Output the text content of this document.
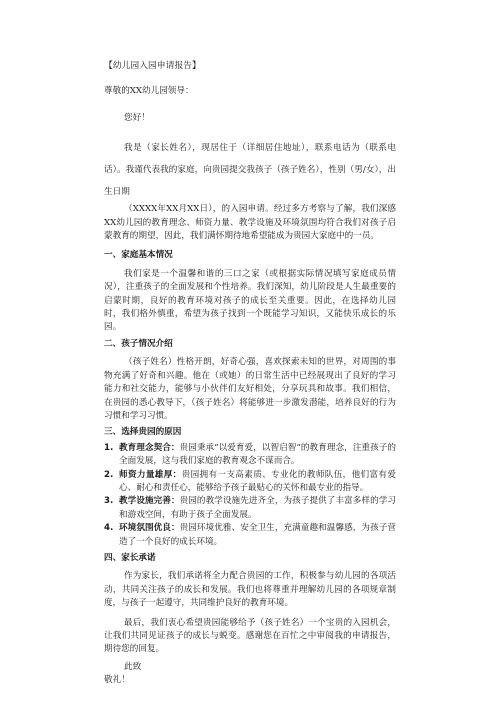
【幼儿园入园申请报告】

尊敬的XX幼儿园领导：

您好！

我是（家长姓名），现居住于（详细居住地址），联系电话为（联系电话）。我谨代表我的家庭，向贵园提交我孩子（孩子姓名），性别（男/女），出生日期

（XXXX年XX月XX日），的入园申请。经过多方考察与了解，我们深感XX幼儿园的教育理念、师资力量、教学设施及环境氛围均符合我们对孩子启蒙教育的期望，因此，我们满怀期待地希望能成为贵园大家庭中的一员。

一、家庭基本情况

我们家是一个温馨和谐的三口之家（或根据实际情况填写家庭成员情况），注重孩子的全面发展和个性培养。我们深知，幼儿阶段是人生最重要的启蒙时期，良好的教育环境对孩子的成长至关重要。因此，在选择幼儿园时，我们格外慎重，希望为孩子找到一个既能学习知识，又能快乐成长的乐园。

二、孩子情况介绍

（孩子姓名）性格开朗，好奇心强，喜欢探索未知的世界，对周围的事物充满了好奇和兴趣。他在（或她）的日常生活中已经展现出了良好的学习能力和社交能力，能够与小伙伴们友好相处，分享玩具和故事。我们相信，在贵园的悉心教导下，（孩子姓名）将能够进一步激发潜能，培养良好的行为习惯和学习习惯。

三、选择贵园的原因
1. 教育理念契合：贵园秉承“以爱育爱，以智启智”的教育理念，注重孩子的全面发展，这与我们家庭的教育观念不谋而合。
2. 师资力量雄厚：贵园拥有一支高素质、专业化的教师队伍，他们富有爱心、耐心和责任心，能够给予孩子最贴心的关怀和最专业的指导。
3. 教学设施完善：贵园的教学设施先进齐全，为孩子提供了丰富多样的学习和游戏空间，有助于孩子全面发展。
4. 环境氛围优良：贵园环境优雅、安全卫生，充满童趣和温馨感，为孩子营造了一个良好的成长环境。
四、家长承诺

作为家长，我们承诺将全力配合贵园的工作，积极参与幼儿园的各项活动，共同关注孩子的成长和发展。我们也将尊重并理解幼儿园的各项规章制度，与孩子一起遵守，共同维护良好的教育环境。

最后，我们衷心希望贵园能够给予（孩子姓名）一个宝贵的入园机会，让我们共同见证孩子的成长与蜕变。感谢您在百忙之中审阅我的申请报告，期待您的回复。

此致

敬礼！
